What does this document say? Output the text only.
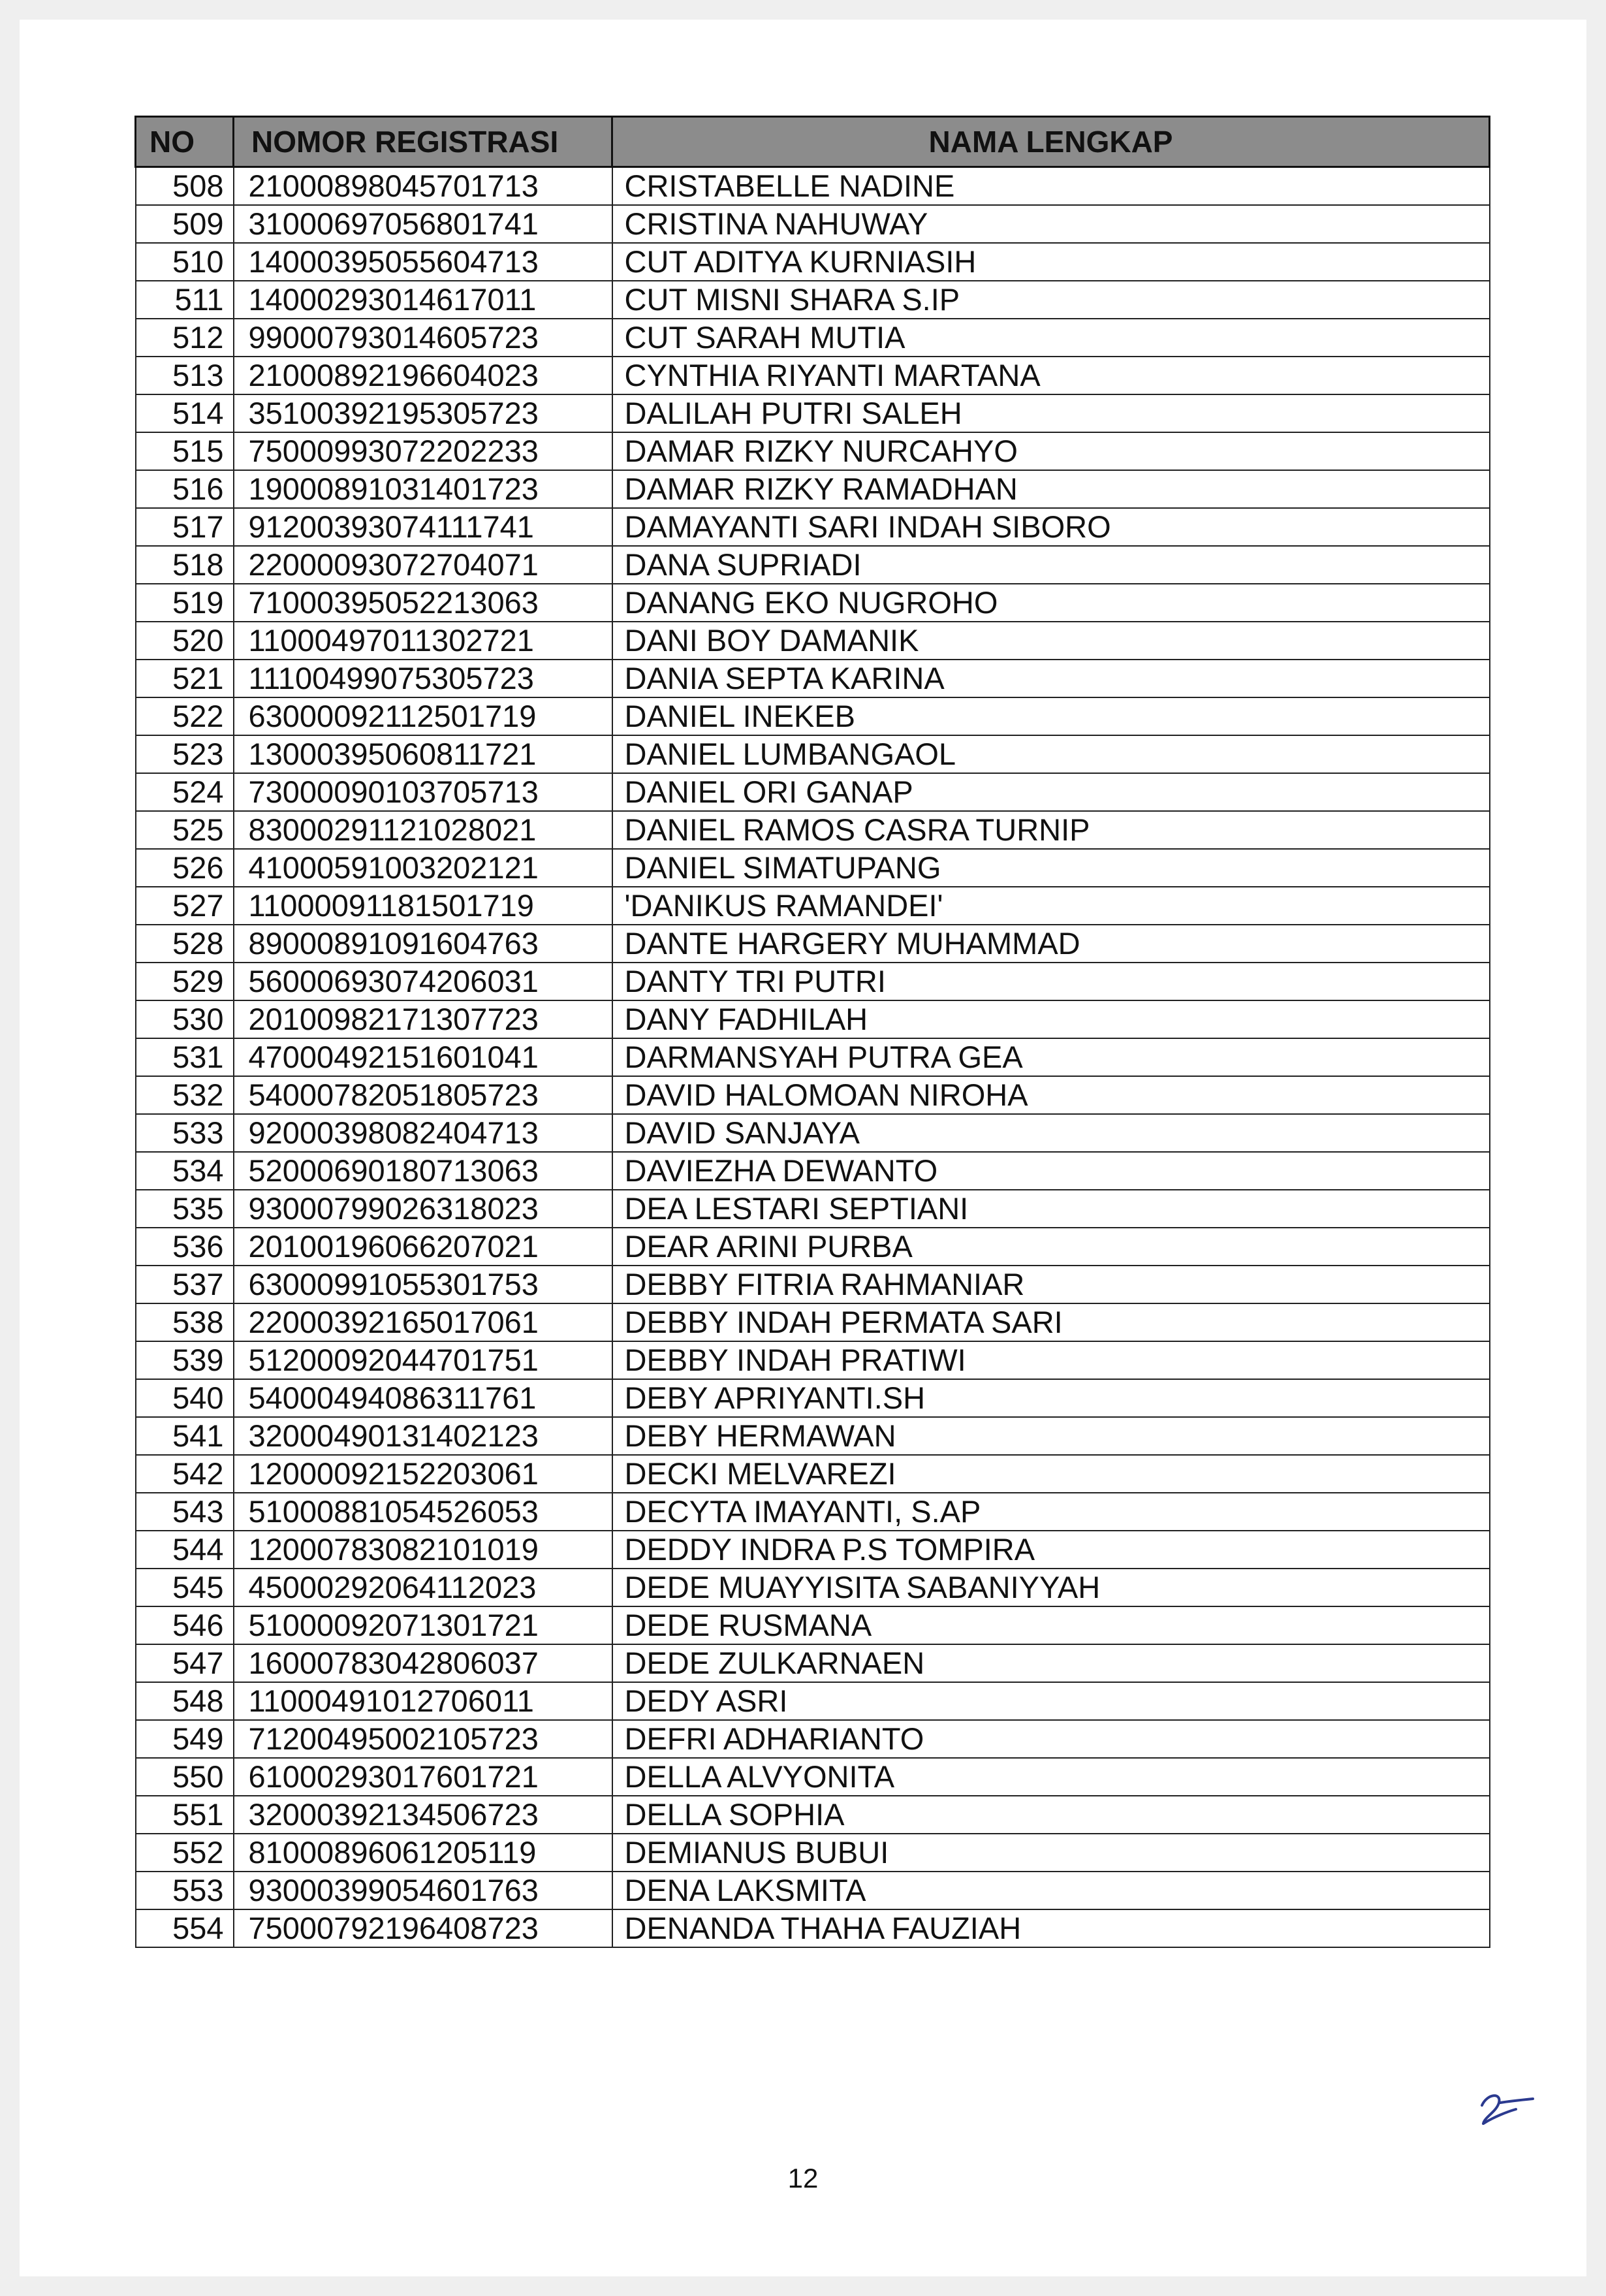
NO	NOMOR REGISTRASI	NAMA LENGKAP
508	21000898045701713	CRISTABELLE NADINE
509	31000697056801741	CRISTINA NAHUWAY
510	14000395055604713	CUT ADITYA KURNIASIH
511	14000293014617011	CUT MISNI SHARA S.IP
512	99000793014605723	CUT SARAH MUTIA
513	21000892196604023	CYNTHIA RIYANTI MARTANA
514	35100392195305723	DALILAH PUTRI SALEH
515	75000993072202233	DAMAR RIZKY NURCAHYO
516	19000891031401723	DAMAR RIZKY RAMADHAN
517	91200393074111741	DAMAYANTI SARI INDAH SIBORO
518	22000093072704071	DANA SUPRIADI
519	71000395052213063	DANANG EKO NUGROHO
520	11000497011302721	DANI BOY DAMANIK
521	11100499075305723	DANIA SEPTA KARINA
522	63000092112501719	DANIEL INEKEB
523	13000395060811721	DANIEL LUMBANGAOL
524	73000090103705713	DANIEL ORI GANAP
525	83000291121028021	DANIEL RAMOS CASRA TURNIP
526	41000591003202121	DANIEL SIMATUPANG
527	11000091181501719	'DANIKUS RAMANDEI'
528	89000891091604763	DANTE HARGERY MUHAMMAD
529	56000693074206031	DANTY TRI PUTRI
530	20100982171307723	DANY FADHILAH
531	47000492151601041	DARMANSYAH PUTRA GEA
532	54000782051805723	DAVID HALOMOAN NIROHA
533	92000398082404713	DAVID SANJAYA
534	52000690180713063	DAVIEZHA DEWANTO
535	93000799026318023	DEA LESTARI SEPTIANI
536	20100196066207021	DEAR ARINI PURBA
537	63000991055301753	DEBBY FITRIA RAHMANIAR
538	22000392165017061	DEBBY INDAH PERMATA SARI
539	51200092044701751	DEBBY INDAH PRATIWI
540	54000494086311761	DEBY APRIYANTI.SH
541	32000490131402123	DEBY HERMAWAN
542	12000092152203061	DECKI MELVAREZI
543	51000881054526053	DECYTA IMAYANTI, S.AP
544	12000783082101019	DEDDY INDRA P.S TOMPIRA
545	45000292064112023	DEDE MUAYYISITA SABANIYYAH
546	51000092071301721	DEDE RUSMANA
547	16000783042806037	DEDE ZULKARNAEN
548	11000491012706011	DEDY ASRI
549	71200495002105723	DEFRI ADHARIANTO
550	61000293017601721	DELLA ALVYONITA
551	32000392134506723	DELLA SOPHIA
552	81000896061205119	DEMIANUS BUBUI
553	93000399054601763	DENA LAKSMITA
554	75000792196408723	DENANDA THAHA FAUZIAH
12
